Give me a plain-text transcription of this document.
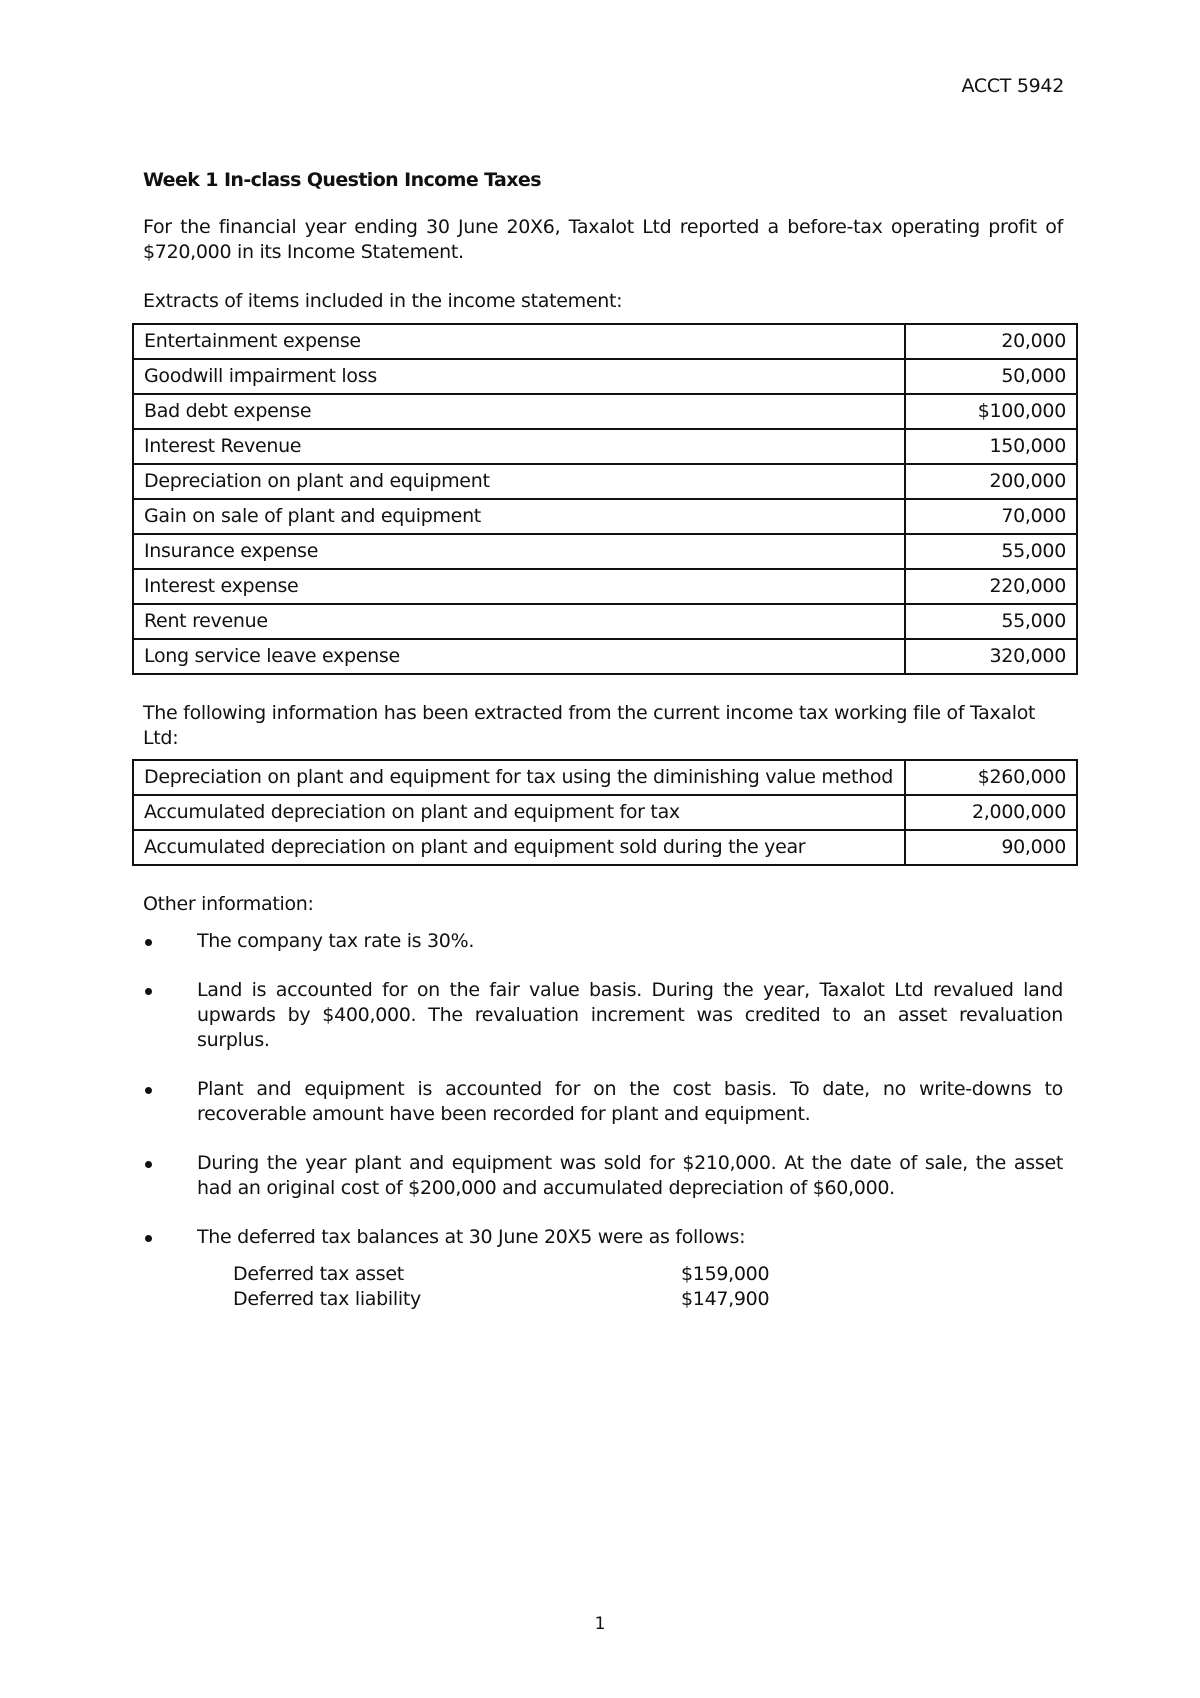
ACCT 5942
Week 1 In-class Question Income Taxes

For the financial year ending 30 June 20X6, Taxalot Ltd reported a before-tax operating profit of $720,000 in its Income Statement.

Extracts of items included in the income statement:

Entertainment expense	20,000
Goodwill impairment loss	50,000
Bad debt expense	$100,000
Interest Revenue	150,000
Depreciation on plant and equipment	200,000
Gain on sale of plant and equipment	70,000
Insurance expense	55,000
Interest expense	220,000
Rent revenue	55,000
Long service leave expense	320,000

The following information has been extracted from the current income tax working file of Taxalot Ltd:

Depreciation on plant and equipment for tax using the diminishing value method	$260,000
Accumulated depreciation on plant and equipment for tax	2,000,000
Accumulated depreciation on plant and equipment sold during the year	90,000
Other information:
The company tax rate is 30%.
Land is accounted for on the fair value basis. During the year, Taxalot Ltd revalued land upwards by $400,000. The revaluation increment was credited to an asset revaluation surplus.
Plant and equipment is accounted for on the cost basis. To date, no write-downs to recoverable amount have been recorded for plant and equipment.
During the year plant and equipment was sold for $210,000. At the date of sale, the asset had an original cost of $200,000 and accumulated depreciation of $60,000.
The deferred tax balances at 30 June 20X5 were as follows:
Deferred tax asset	$159,000
Deferred tax liability	$147,900
1
